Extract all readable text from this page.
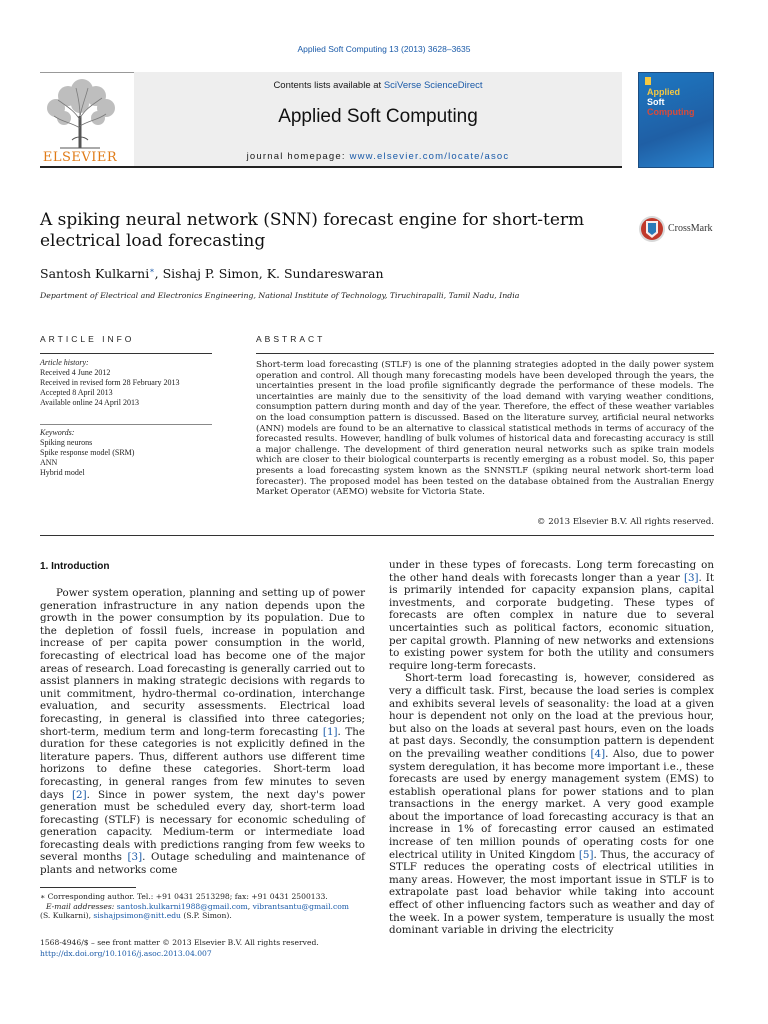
Applied Soft Computing 13 (2013) 3628–3635
ELSEVIER
Contents lists available at SciVerse ScienceDirect
Applied Soft Computing
journal homepage: www.elsevier.com/locate/asoc
Applied
Soft
Computing
A spiking neural network (SNN) forecast engine for short-term electrical load forecasting
CrossMark
Santosh Kulkarni∗, Sishaj P. Simon, K. Sundareswaran
Department of Electrical and Electronics Engineering, National Institute of Technology, Tiruchirapalli, Tamil Nadu, India
ARTICLE INFO
Article history:
Received 4 June 2012
Received in revised form 28 February 2013
Accepted 8 April 2013
Available online 24 April 2013
Keywords:
Spiking neurons
Spike response model (SRM)
ANN
Hybrid model
ABSTRACT
Short-term load forecasting (STLF) is one of the planning strategies adopted in the daily power system operation and control. All though many forecasting models have been developed through the years, the uncertainties present in the load profile significantly degrade the performance of these models. The uncertainties are mainly due to the sensitivity of the load demand with varying weather conditions, consumption pattern during month and day of the year. Therefore, the effect of these weather variables on the load consumption pattern is discussed. Based on the literature survey, artificial neural networks (ANN) models are found to be an alternative to classical statistical methods in terms of accuracy of the forecasted results. However, handling of bulk volumes of historical data and forecasting accuracy is still a major challenge. The development of third generation neural networks such as spike train models which are closer to their biological counterparts is recently emerging as a robust model. So, this paper presents a load forecasting system known as the SNNSTLF (spiking neural network short-term load forecaster). The proposed model has been tested on the database obtained from the Australian Energy Market Operator (AEMO) website for Victoria State.
© 2013 Elsevier B.V. All rights reserved.
1. Introduction

Power system operation, planning and setting up of power generation infrastructure in any nation depends upon the growth in the power consumption by its population. Due to the depletion of fossil fuels, increase in population and increase of per capita power consumption in the world, forecasting of electrical load has become one of the major areas of research. Load forecasting is generally carried out to assist planners in making strategic decisions with regards to unit commitment, hydro-thermal co-ordination, interchange evaluation, and security assessments. Electrical load forecasting, in general is classified into three categories; short-term, medium term and long-term forecasting [1]. The duration for these categories is not explicitly defined in the literature papers. Thus, different authors use different time horizons to define these categories. Short-term load forecasting, in general ranges from few minutes to seven days [2]. Since in power system, the next day's power generation must be scheduled every day, short-term load forecasting (STLF) is necessary for economic scheduling of generation capacity. Medium-term or intermediate load forecasting deals with predictions ranging from few weeks to several months [3]. Outage scheduling and maintenance of plants and networks come

under in these types of forecasts. Long term forecasting on the other hand deals with forecasts longer than a year [3]. It is primarily intended for capacity expansion plans, capital investments, and corporate budgeting. These types of forecasts are often complex in nature due to several uncertainties such as political factors, economic situation, per capital growth. Planning of new networks and extensions to existing power system for both the utility and consumers require long-term forecasts.

Short-term load forecasting is, however, considered as very a difficult task. First, because the load series is complex and exhibits several levels of seasonality: the load at a given hour is dependent not only on the load at the previous hour, but also on the loads at several past hours, even on the loads at past days. Secondly, the consumption pattern is dependent on the prevailing weather conditions [4]. Also, due to power system deregulation, it has become more important i.e., these forecasts are used by energy management system (EMS) to establish operational plans for power stations and to plan transactions in the energy market. A very good example about the importance of load forecasting accuracy is that an increase in 1% of forecasting error caused an estimated increase of ten million pounds of operating costs for one electrical utility in United Kingdom [5]. Thus, the accuracy of STLF reduces the operating costs of electrical utilities in many areas. However, the most important issue in STLF is to extrapolate past load behavior while taking into account effect of other influencing factors such as weather and day of the week. In a power system, temperature is usually the most dominant variable in driving the electricity

∗ Corresponding author. Tel.: +91 0431 2513298; fax: +91 0431 2500133.
E-mail addresses: santosh.kulkarni1988@gmail.com, vibrantsantu@gmail.com
(S. Kulkarni), sishajpsimon@nitt.edu (S.P. Simon).
1568-4946/$ – see front matter © 2013 Elsevier B.V. All rights reserved.
http://dx.doi.org/10.1016/j.asoc.2013.04.007
